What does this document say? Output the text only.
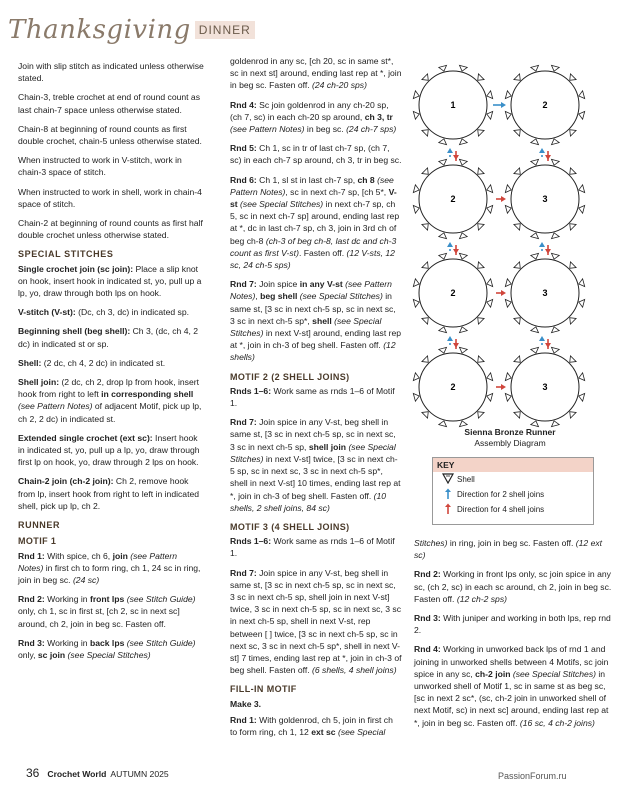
Thanksgiving DINNER

Join with slip stitch as indicated unless otherwise stated.

Chain-3, treble crochet at end of round count as last chain-7 space unless otherwise stated.

Chain-8 at beginning of round counts as first double crochet, chain-5 unless otherwise stated.

When instructed to work in V-stitch, work in chain-3 space of stitch.

When instructed to work in shell, work in chain-4 space of stitch.

Chain-2 at beginning of round counts as first half double crochet unless otherwise stated.

SPECIAL STITCHES

Single crochet join (sc join): Place a slip knot on hook, insert hook in indicated st, yo, pull up a lp, yo, draw through both lps on hook.

V-stitch (V-st): (Dc, ch 3, dc) in indicated sp.

Beginning shell (beg shell): Ch 3, (dc, ch 4, 2 dc) in indicated st or sp.

Shell: (2 dc, ch 4, 2 dc) in indicated st.

Shell join: (2 dc, ch 2, drop lp from hook, insert hook from right to left in corresponding shell (see Pattern Notes) of adjacent Motif, pick up lp, ch 2, 2 dc) in indicated st.

Extended single crochet (ext sc): Insert hook in indicated st, yo, pull up a lp, yo, draw through first lp on hook, yo, draw through 2 lps on hook.

Chain-2 join (ch-2 join): Ch 2, remove hook from lp, insert hook from right to left in indicated shell, pick up lp, ch 2.

RUNNER
MOTIF 1

Rnd 1: With spice, ch 6, join (see Pattern Notes) in first ch to form ring, ch 1, 24 sc in ring, join in beg sc. (24 sc)

Rnd 2: Working in front lps (see Stitch Guide) only, ch 1, sc in first st, [ch 2, sc in next sc] around, ch 2, join in beg sc. Fasten off.

Rnd 3: Working in back lps (see Stitch Guide) only, sc join (see Special Stitches)

goldenrod in any sc, [ch 20, sc in same st*, sc in next st] around, ending last rep at *, join in beg sc. Fasten off. (24 ch-20 sps)

Rnd 4: Sc join goldenrod in any ch-20 sp, (ch 7, sc) in each ch-20 sp around, ch 3, tr (see Pattern Notes) in beg sc. (24 ch-7 sps)

Rnd 5: Ch 1, sc in tr of last ch-7 sp, (ch 7, sc) in each ch-7 sp around, ch 3, tr in beg sc.

Rnd 6: Ch 1, sl st in last ch-7 sp, ch 8 (see Pattern Notes), sc in next ch-7 sp, [ch 5*, V-st (see Special Stitches) in next ch-7 sp, ch 5, sc in next ch-7 sp] around, ending last rep at *, dc in last ch-7 sp, ch 3, join in 3rd ch of beg ch-8 (ch-3 of beg ch-8, last dc and ch-3 count as first V-st). Fasten off. (12 V-sts, 12 sc, 24 ch-5 sps)

Rnd 7: Join spice in any V-st (see Pattern Notes), beg shell (see Special Stitches) in same st, [3 sc in next ch-5 sp, sc in next sc, 3 sc in next ch-5 sp*, shell (see Special Stitches) in next V-st] around, ending last rep at *, join in ch-3 of beg shell. Fasten off. (12 shells)

MOTIF 2 (2 SHELL JOINS)

Rnds 1–6: Work same as rnds 1–6 of Motif 1.

Rnd 7: Join spice in any V-st, beg shell in same st, [3 sc in next ch-5 sp, sc in next sc, 3 sc in next ch-5 sp, shell join (see Special Stitches) in next V-st] twice, [3 sc in next ch-5 sp, sc in next sc, 3 sc in next ch-5 sp*, shell in next V-st] 10 times, ending last rep at *, join in ch-3 of beg shell. Fasten off. (10 shells, 2 shell joins, 84 sc)

MOTIF 3 (4 SHELL JOINS)

Rnds 1–6: Work same as rnds 1–6 of Motif 1.

Rnd 7: Join spice in any V-st, beg shell in same st, [3 sc in next ch-5 sp, sc in next sc, 3 sc in next ch-5 sp, shell join in next V-st] twice, 3 sc in next ch-5 sp, sc in next sc, 3 sc in next ch-5 sp, shell in next V-st, rep between [ ] twice, [3 sc in next ch-5 sp, sc in next sc, 3 sc in next ch-5 sp*, shell in next V-st] 7 times, ending last rep at *, join in ch-3 of beg shell. Fasten off. (6 shells, 4 shell joins)

FILL-IN MOTIF

Make 3.

Rnd 1: With goldenrod, ch 5, join in first ch to form ring, ch 1, 12 ext sc (see Special

1	2
2	3
2	3
2	3
Sienna Bronze Runner
Assembly Diagram
KEY
Shell
Direction for 2 shell joins
Direction for 4 shell joins

Stitches) in ring, join in beg sc. Fasten off. (12 ext sc)

Rnd 2: Working in front lps only, sc join spice in any sc, (ch 2, sc) in each sc around, ch 2, join in beg sc. Fasten off. (12 ch-2 sps)

Rnd 3: With juniper and working in both lps, rep rnd 2.

Rnd 4: Working in unworked back lps of rnd 1 and joining in unworked shells between 4 Motifs, sc join spice in any sc, ch-2 join (see Special Stitches) in unworked shell of Motif 1, sc in same st as beg sc, [sc in next 2 sc*, (sc, ch-2 join in unworked shell of next Motif, sc) in next sc] around, ending last rep at *, join in beg sc. Fasten off. (16 sc, 4 ch-2 joins)

36 Crochet World AUTUMN 2025	PassionForum.ru
